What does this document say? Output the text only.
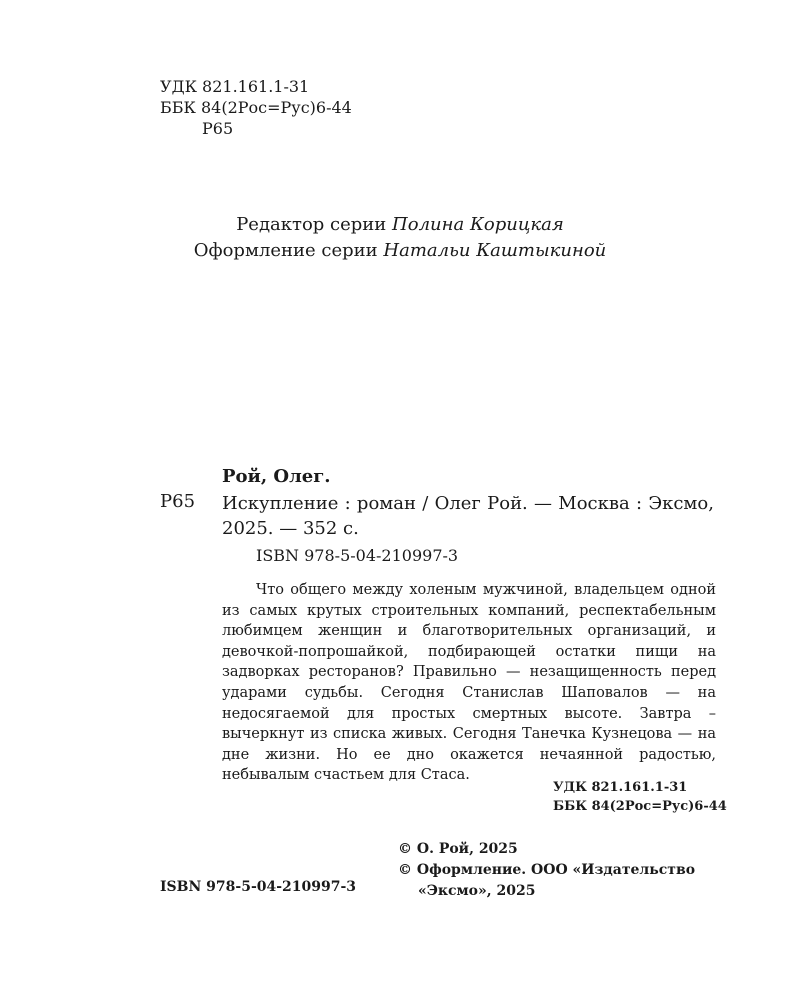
УДК 821.161.1-31
ББК 84(2Рос=Рус)6-44
Р65
Редактор серии Полина Корицкая
Оформление серии Натальи Каштыкиной
Рой, Олег.
Р65 Искупление : роман / Олег Рой. — Москва : Эксмо, 2025. — 352 с.
ISBN 978-5-04-210997-3
Что общего между холеным мужчиной, владельцем одной из самых крутых строительных компаний, респектабельным любимцем женщин и благотворительных организаций, и девочкой-попрошайкой, подбирающей остатки пищи на задворках ресторанов? Правильно — незащищенность перед ударами судьбы. Сегодня Станислав Шаповалов — на недосягаемой для простых смертных высоте. Завтра – вычеркнут из списка живых. Сегодня Танечка Кузнецова — на дне жизни. Но ее дно окажется нечаянной радостью, небывалым счастьем для Стаса.
УДК 821.161.1-31
ББК 84(2Рос=Рус)6-44
© О. Рой, 2025
© Оформление. ООО «Издательство
«Эксмо», 2025
ISBN 978-5-04-210997-3
